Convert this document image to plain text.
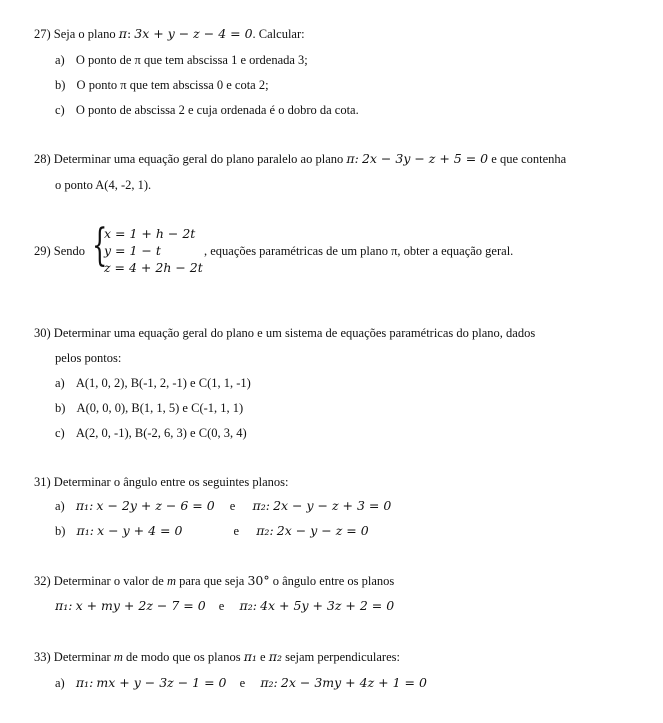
27) Seja o plano π: 3x + y − z − 4 = 0. Calcular:
a) O ponto de π que tem abscissa 1 e ordenada 3;
b) O ponto π que tem abscissa 0 e cota 2;
c) O ponto de abscissa 2 e cuja ordenada é o dobro da cota.
28) Determinar uma equação geral do plano paralelo ao plano π: 2x − 3y − z + 5 = 0 e que contenha
o ponto A(4, -2, 1).
29) Sendo {
x = 1 + h − 2t
y = 1 − t
z = 4 + 2h − 2t
, equações paramétricas de um plano π, obter a equação geral.
30) Determinar uma equação geral do plano e um sistema de equações paramétricas do plano, dados
pelos pontos:
a) A(1, 0, 2), B(-1, 2, -1) e C(1, 1, -1)
b) A(0, 0, 0), B(1, 1, 5) e C(-1, 1, 1)
c) A(2, 0, -1), B(-2, 6, 3) e C(0, 3, 4)
31) Determinar o ângulo entre os seguintes planos:
a) π₁: x − 2y + z − 6 = 0 e π₂: 2x − y − z + 3 = 0
b) π₁: x − y + 4 = 0	e π₂: 2x − y − z = 0
32) Determinar o valor de m para que seja 30° o ângulo entre os planos
π₁: x + my + 2z − 7 = 0 e π₂: 4x + 5y + 3z + 2 = 0
33) Determinar m de modo que os planos π₁ e π₂ sejam perpendiculares:
a) π₁: mx + y − 3z − 1 = 0 e π₂: 2x − 3my + 4z + 1 = 0
